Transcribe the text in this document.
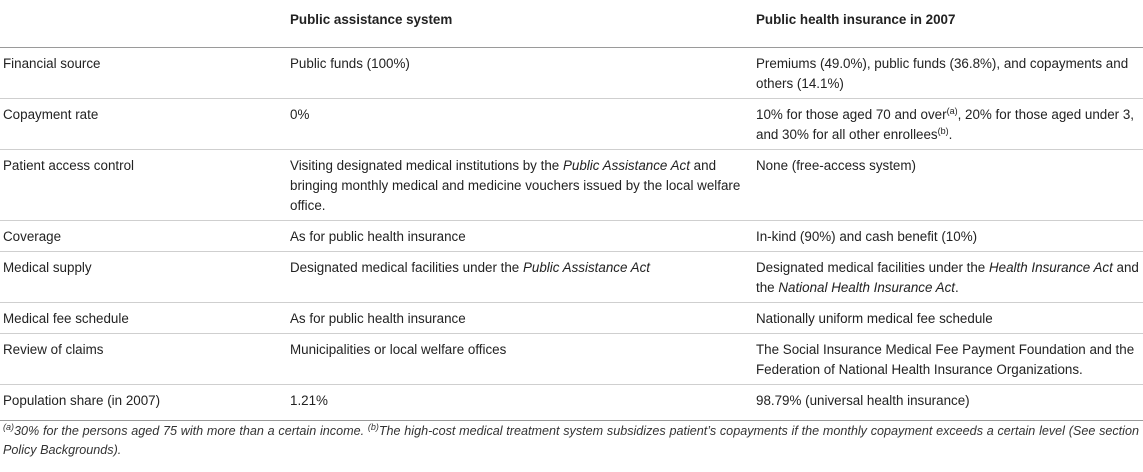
	Public assistance system	Public health insurance in 2007
Financial source	Public funds (100%)	Premiums (49.0%), public funds (36.8%), and copayments and others (14.1%)
Copayment rate	0%	10% for those aged 70 and over$^{(a)}$, 20% for those aged under 3, and 30% for all other enrollees$^{(b)}$.
Patient access control	Visiting designated medical institutions by the Public Assistance Act and bringing monthly medical and medicine vouchers issued by the local welfare office.	None (free-access system)
Coverage	As for public health insurance	In-kind (90%) and cash benefit (10%)
Medical supply	Designated medical facilities under the Public Assistance Act	Designated medical facilities under the Health Insurance Act and the National Health Insurance Act.
Medical fee schedule	As for public health insurance	Nationally uniform medical fee schedule
Review of claims	Municipalities or local welfare offices	The Social Insurance Medical Fee Payment Foundation and the Federation of National Health Insurance Organizations.
Population share (in 2007)	1.21%	98.79% (universal health insurance)
$^{(a)}$30% for the persons aged 75 with more than a certain income. $^{(b)}$The high-cost medical treatment system subsidizes patient’s copayments if the monthly copayment exceeds a certain level (See section Policy Backgrounds).
